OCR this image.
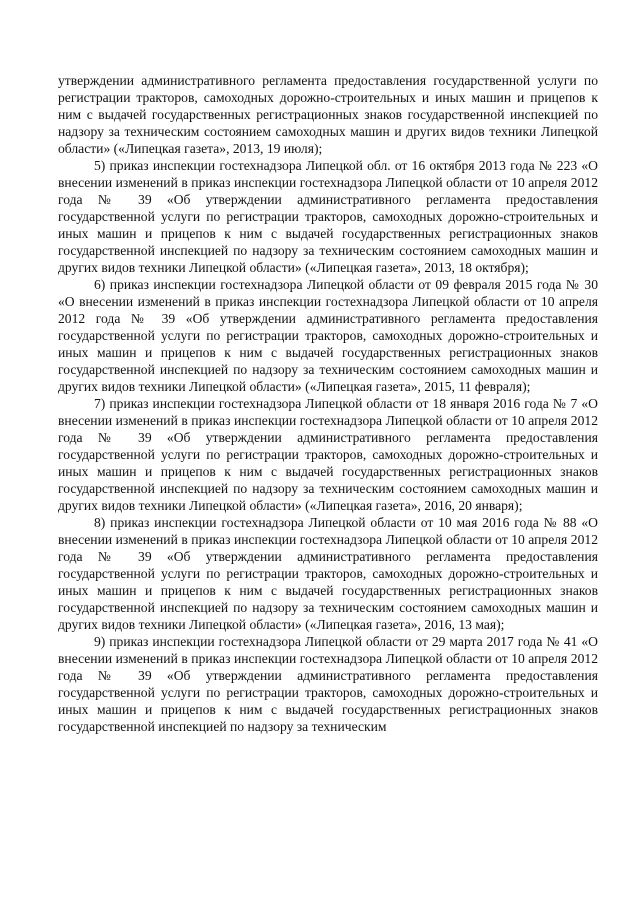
утверждении административного регламента предоставления государственной услуги по регистрации тракторов, самоходных дорожно-строительных и иных машин и прицепов к ним с выдачей государственных регистрационных знаков государственной инспекцией по надзору за техническим состоянием самоходных машин и других видов техники Липецкой области» («Липецкая газета», 2013, 19 июля);

5) приказ инспекции гостехнадзора Липецкой обл. от 16 октября 2013 года № 223 «О внесении изменений в приказ инспекции гостехнадзора Липецкой области от 10 апреля 2012 года № 39 «Об утверждении административного регламента предоставления государственной услуги по регистрации тракторов, самоходных дорожно-строительных и иных машин и прицепов к ним с выдачей государственных регистрационных знаков государственной инспекцией по надзору за техническим состоянием самоходных машин и других видов техники Липецкой области» («Липецкая газета», 2013, 18 октября);

6) приказ инспекции гостехнадзора Липецкой области от 09 февраля 2015 года № 30 «О внесении изменений в приказ инспекции гостехнадзора Липецкой области от 10 апреля 2012 года № 39 «Об утверждении административного регламента предоставления государственной услуги по регистрации тракторов, самоходных дорожно-строительных и иных машин и прицепов к ним с выдачей государственных регистрационных знаков государственной инспекцией по надзору за техническим состоянием самоходных машин и других видов техники Липецкой области» («Липецкая газета», 2015, 11 февраля);

7) приказ инспекции гостехнадзора Липецкой области от 18 января 2016 года № 7 «О внесении изменений в приказ инспекции гостехнадзора Липецкой области от 10 апреля 2012 года № 39 «Об утверждении административного регламента предоставления государственной услуги по регистрации тракторов, самоходных дорожно-строительных и иных машин и прицепов к ним с выдачей государственных регистрационных знаков государственной инспекцией по надзору за техническим состоянием самоходных машин и других видов техники Липецкой области» («Липецкая газета», 2016, 20 января);

8) приказ инспекции гостехнадзора Липецкой области от 10 мая 2016 года № 88 «О внесении изменений в приказ инспекции гостехнадзора Липецкой области от 10 апреля 2012 года № 39 «Об утверждении административного регламента предоставления государственной услуги по регистрации тракторов, самоходных дорожно-строительных и иных машин и прицепов к ним с выдачей государственных регистрационных знаков государственной инспекцией по надзору за техническим состоянием самоходных машин и других видов техники Липецкой области» («Липецкая газета», 2016, 13 мая);

9) приказ инспекции гостехнадзора Липецкой области от 29 марта 2017 года № 41 «О внесении изменений в приказ инспекции гостехнадзора Липецкой области от 10 апреля 2012 года № 39 «Об утверждении административного регламента предоставления государственной услуги по регистрации тракторов, самоходных дорожно-строительных и иных машин и прицепов к ним с выдачей государственных регистрационных знаков государственной инспекцией по надзору за техническим
